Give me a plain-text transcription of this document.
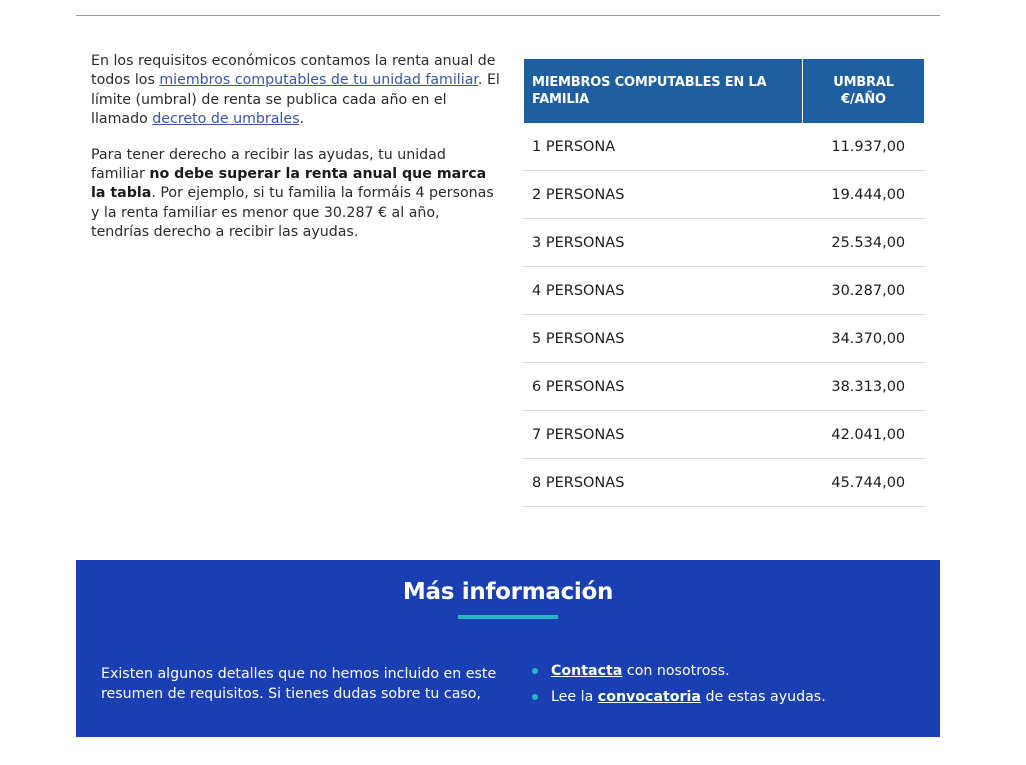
En los requisitos económicos contamos la renta anual de todos los miembros computables de tu unidad familiar. El límite (umbral) de renta se publica cada año en el llamado decreto de umbrales.

Para tener derecho a recibir las ayudas, tu unidad familiar no debe superar la renta anual que marca la tabla. Por ejemplo, si tu familia la formáis 4 personas y la renta familiar es menor que 30.287 € al año, tendrías derecho a recibir las ayudas.

MIEMBROS COMPUTABLES EN LA FAMILIA	UMBRAL €/AÑO
1 PERSONA	11.937,00
2 PERSONAS	19.444,00
3 PERSONAS	25.534,00
4 PERSONAS	30.287,00
5 PERSONAS	34.370,00
6 PERSONAS	38.313,00
7 PERSONAS	42.041,00
8 PERSONAS	45.744,00
Más información

Existen algunos detalles que no hemos incluido en este resumen de requisitos. Si tienes dudas sobre tu caso,

Contacta con nosotross.
Lee la convocatoria de estas ayudas.
